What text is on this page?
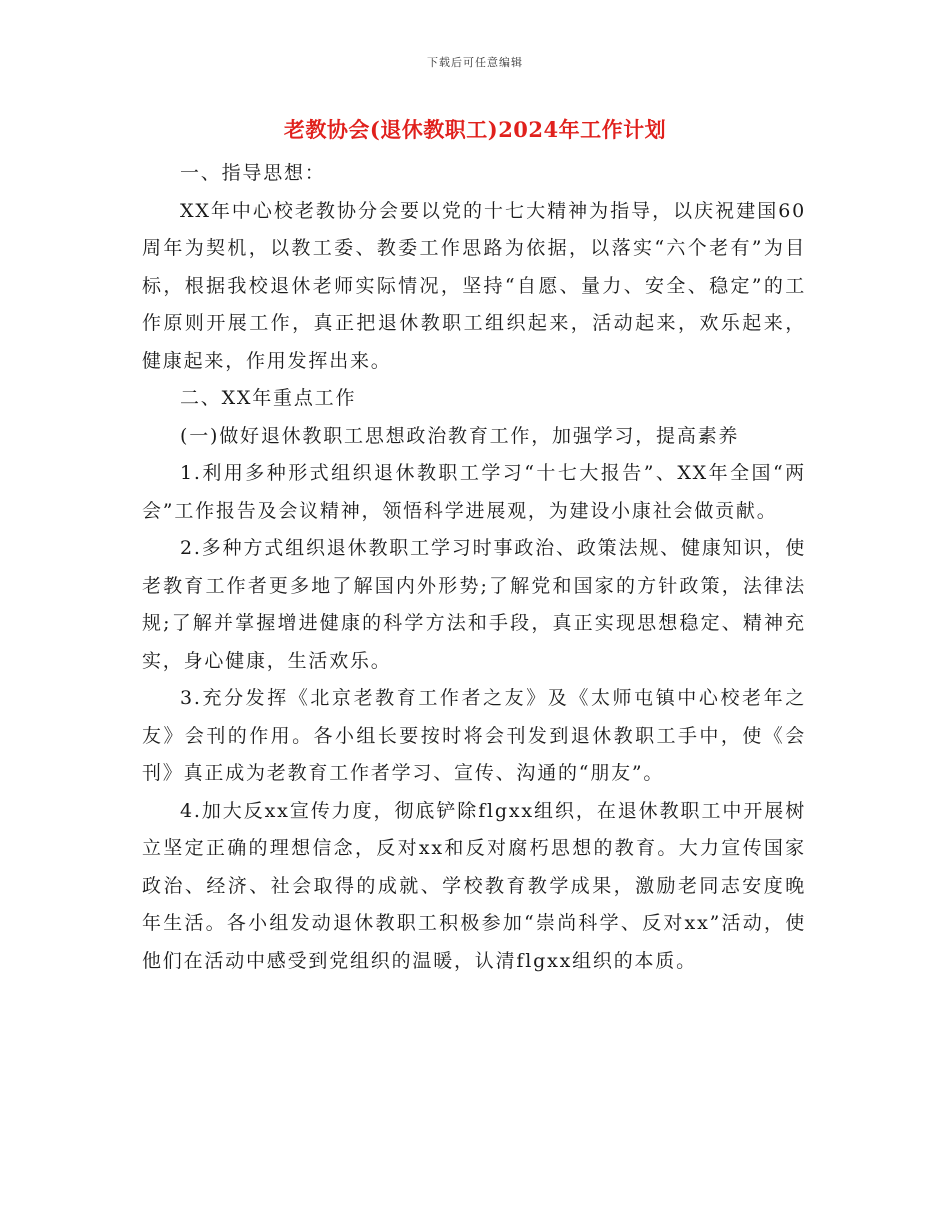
下载后可任意编辑
老教协会(退休教职工)2024年工作计划

一、指导思想：

XX年中心校老教协分会要以党的十七大精神为指导，以庆祝建国60周年为契机，以教工委、教委工作思路为依据，以落实“六个老有”为目标，根据我校退休老师实际情况，坚持“自愿、量力、安全、稳定”的工作原则开展工作，真正把退休教职工组织起来，活动起来，欢乐起来，健康起来，作用发挥出来。

二、XX年重点工作

(一)做好退休教职工思想政治教育工作，加强学习，提高素养

1.利用多种形式组织退休教职工学习“十七大报告”、XX年全国“两会”工作报告及会议精神，领悟科学进展观，为建设小康社会做贡献。

2.多种方式组织退休教职工学习时事政治、政策法规、健康知识，使老教育工作者更多地了解国内外形势;了解党和国家的方针政策，法律法规;了解并掌握增进健康的科学方法和手段，真正实现思想稳定、精神充实，身心健康，生活欢乐。

3.充分发挥《北京老教育工作者之友》及《太师屯镇中心校老年之友》会刊的作用。各小组长要按时将会刊发到退休教职工手中，使《会刊》真正成为老教育工作者学习、宣传、沟通的“朋友”。

4.加大反xx宣传力度，彻底铲除flgxx组织，在退休教职工中开展树立坚定正确的理想信念，反对xx和反对腐朽思想的教育。大力宣传国家政治、经济、社会取得的成就、学校教育教学成果，激励老同志安度晚年生活。各小组发动退休教职工积极参加“崇尚科学、反对xx”活动，使他们在活动中感受到党组织的温暖，认清flgxx组织的本质。
